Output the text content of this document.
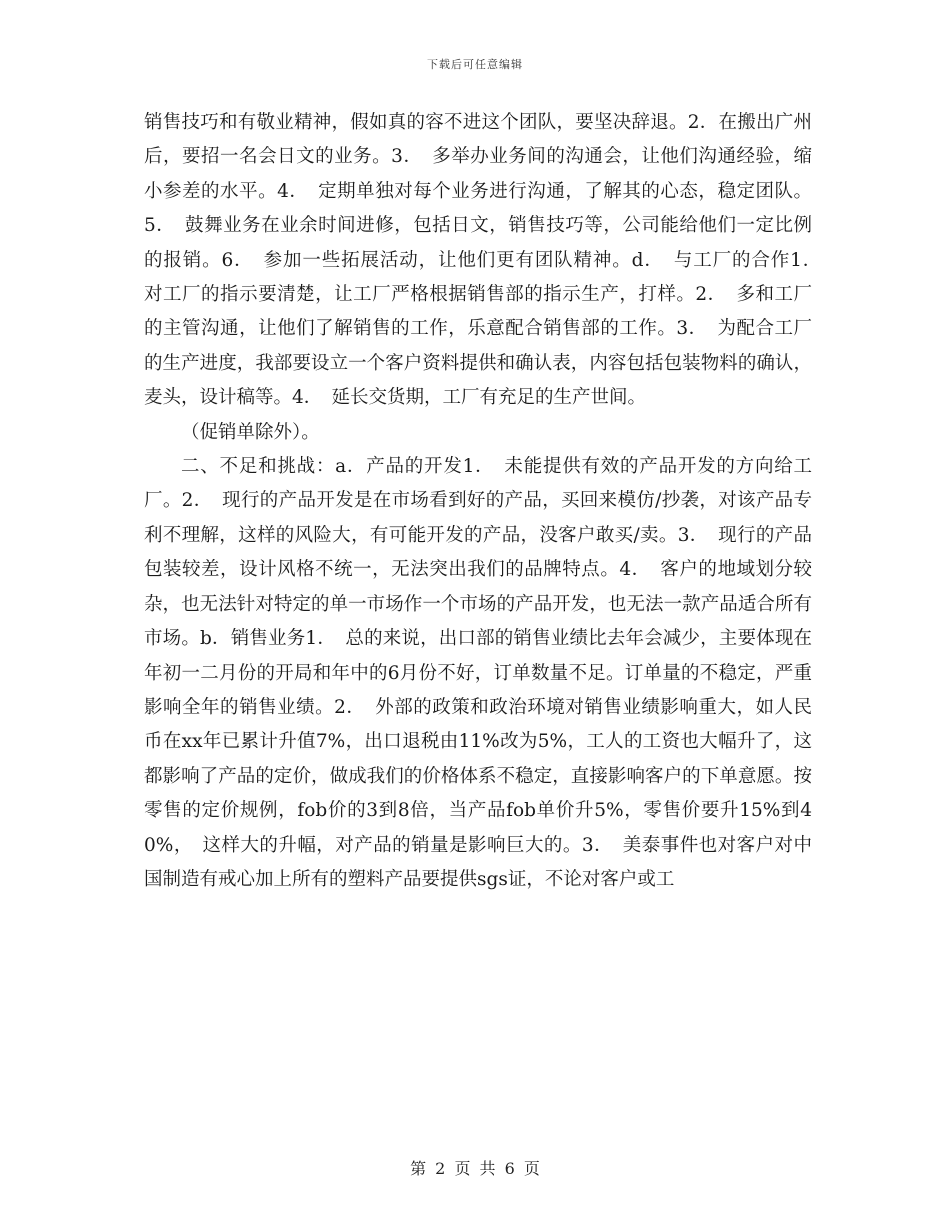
下载后可任意编辑

销售技巧和有敬业精神，假如真的容不进这个团队，要坚决辞退。2．在搬出广州后，要招一名会日文的业务。3．　多举办业务间的沟通会，让他们沟通经验，缩小参差的水平。4．　定期单独对每个业务进行沟通，了解其的心态，稳定团队。5．　鼓舞业务在业余时间进修，包括日文，销售技巧等，公司能给他们一定比例的报销。6．　参加一些拓展活动，让他们更有团队精神。d．　与工厂的合作1．　对工厂的指示要清楚，让工厂严格根据销售部的指示生产，打样。2．　多和工厂的主管沟通，让他们了解销售的工作，乐意配合销售部的工作。3．　为配合工厂的生产进度，我部要设立一个客户资料提供和确认表，内容包括包装物料的确认，麦头，设计稿等。4．　延长交货期，工厂有充足的生产世间。

（促销单除外）。

二、不足和挑战：a．产品的开发1．　未能提供有效的产品开发的方向给工厂。2．　现行的产品开发是在市场看到好的产品，买回来模仿/抄袭，对该产品专利不理解，这样的风险大，有可能开发的产品，没客户敢买/卖。3．　现行的产品包装较差，设计风格不统一，无法突出我们的品牌特点。4．　客户的地域划分较杂，也无法针对特定的单一市场作一个市场的产品开发，也无法一款产品适合所有市场。b．销售业务1．　总的来说，出口部的销售业绩比去年会减少，主要体现在年初一二月份的开局和年中的6月份不好，订单数量不足。订单量的不稳定，严重影响全年的销售业绩。2．　外部的政策和政治环境对销售业绩影响重大，如人民币在xx年已累计升值7%，出口退税由11%改为5%，工人的工资也大幅升了，这都影响了产品的定价，做成我们的价格体系不稳定，直接影响客户的下单意愿。按零售的定价规例，fob价的3到8倍，当产品fob单价升5%，零售价要升15%到40%，　这样大的升幅，对产品的销量是影响巨大的。3．　美泰事件也对客户对中国制造有戒心加上所有的塑料产品要提供sgs证，不论对客户或工

第 2 页 共 6 页
